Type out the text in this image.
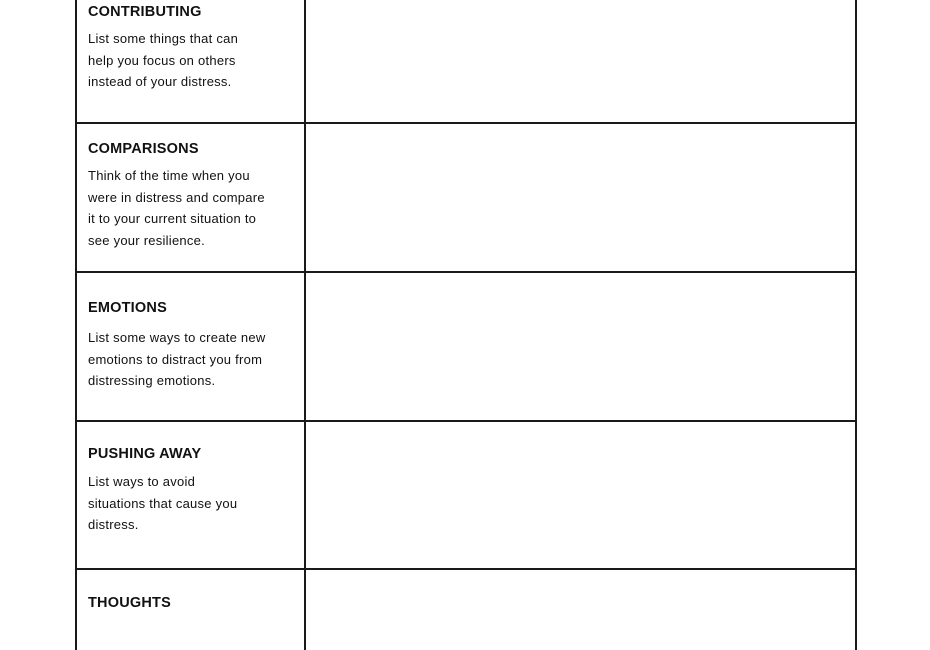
CONTRIBUTING
List some things that can
help you focus on others
instead of your distress.
COMPARISONS
Think of the time when you
were in distress and compare
it to your current situation to
see your resilience.
EMOTIONS
List some ways to create new
emotions to distract you from
distressing emotions.
PUSHING AWAY
List ways to avoid
situations that cause you
distress.
THOUGHTS
